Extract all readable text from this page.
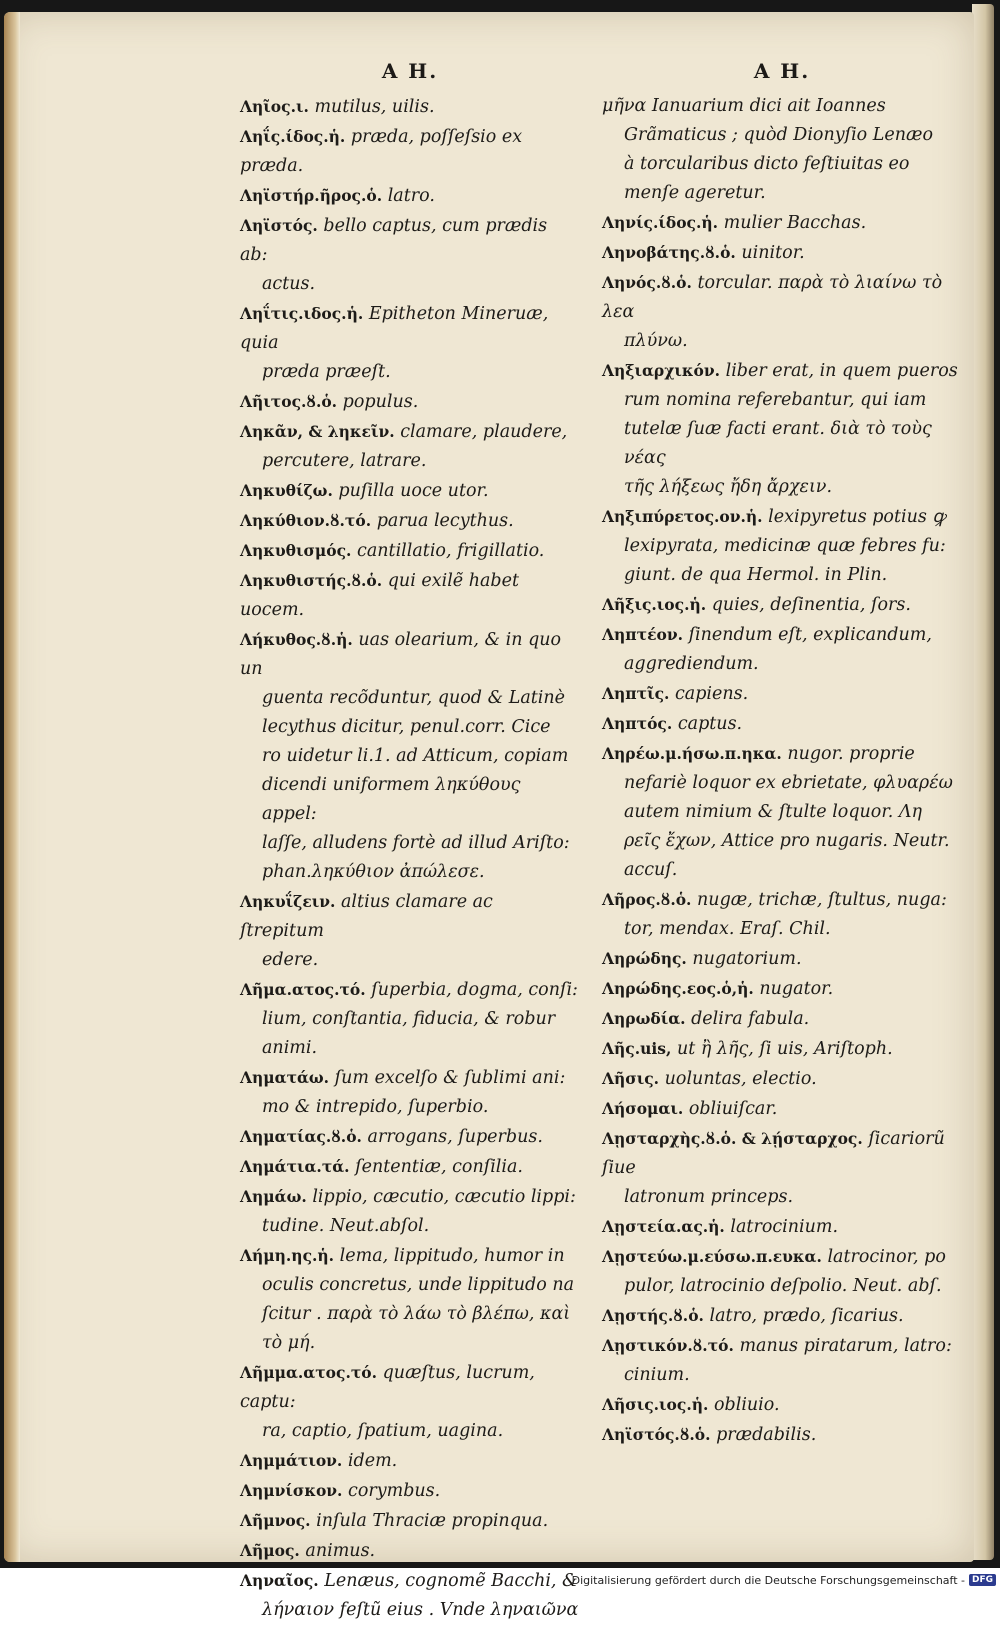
A H.
Ληῖος.ι. mutilus, uilis.
Ληΐς.ίδος.ἡ. præda, poſſeſsio ex præda.
Ληϊστήρ.ῆρος.ὁ. latro.
Ληϊστός. bello captus, cum prædis ab:
actus.
Ληΐτις.ιδος.ἡ. Epitheton Mineruæ, quia
præda præeſt.
Λῆιτος.ȣ.ὁ. populus.
Ληκᾶν, & ληκεῖν. clamare, plaudere,
percutere, latrare.
Ληκυθίζω. puſilla uoce utor.
Ληκύθιον.ȣ.τό. parua lecythus.
Ληκυθισμός. cantillatio, frigillatio.
Ληκυθιστής.ȣ.ὁ. qui exilẽ habet uocem.
Λήκυθος.ȣ.ἡ. uas olearium, & in quo un
guenta recõduntur, quod & Latinè
lecythus dicitur, penul.corr. Cice
ro uidetur li.1. ad Atticum, copiam
dicendi uniformem ληκύθους appel:
laſſe, alludens fortè ad illud Ariſto:
phan.ληκύθιον ἀπώλεσε.
Ληκυΐζειν. altius clamare ac ſtrepitum
edere.
Λῆμα.ατος.τό. ſuperbia, dogma, conſi:
lium, conſtantia, fiducia, & robur
animi.
Ληματάω. ſum excelſo & ſublimi ani:
mo & intrepido, ſuperbio.
Ληματίας.ȣ.ὁ. arrogans, ſuperbus.
Λημάτια.τά. ſententiæ, conſilia.
Λημάω. lippio, cæcutio, cæcutio lippi:
tudine. Neut.abſol.
Λήμη.ης.ἡ. lema, lippitudo, humor in
oculis concretus, unde lippitudo na
ſcitur . παρὰ τὸ λάω τὸ βλέπω, καὶ τὸ μή.
Λῆμμα.ατος.τό. quæſtus, lucrum, captu:
ra, captio, ſpatium, uagina.
Λημμάτιον. idem.
Λημνίσκον. corymbus.
Λῆμνος. inſula Thraciæ propinqua.
Λῆμος. animus.
Ληναῖος. Lenæus, cognomẽ Bacchi, &
λήναιον feſtũ eius . Vnde ληναιῶνα
A H.
μῆνα Ianuarium dici ait Ioannes
Grãmaticus ; quòd Dionyſio Lenæo
à torcularibus dicto feſtiuitas eo
menſe ageretur.
Ληνίς.ίδος.ἡ. mulier Bacchas.
Ληνοβάτης.ȣ.ὁ. uinitor.
Ληνός.ȣ.ὁ. torcular. παρὰ τὸ λιαίνω τὸ λεα
πλύνω.
Ληξιαρχικόν. liber erat, in quem pueros
rum nomina referebantur, qui iam
tutelæ ſuæ facti erant. διὰ τὸ τοὺς νέας
τῆς λήξεως ἤδη ἄρχειν.
Ληξιπύρετος.ον.ἡ. lexipyretus potius ꝙ
lexipyrata, medicinæ quæ febres fu:
giunt. de qua Hermol. in Plin.
Λῆξις.ιος.ἡ. quies, deſinentia, ſors.
Ληπτέον. ſinendum eſt, explicandum,
aggrediendum.
Ληπτῖς. capiens.
Ληπτός. captus.
Ληρέω.μ.ήσω.π.ηκα. nugor. proprie
nefariè loquor ex ebrietate, φλυαρέω
autem nimium & ſtulte loquor. Λη
ρεῖς ἔχων, Attice pro nugaris. Neutr.
accuſ.
Λῆρος.ȣ.ὁ. nugæ, trichæ, ſtultus, nuga:
tor, mendax. Eraſ. Chil.
Ληρώδης. nugatorium.
Ληρώδης.εος.ὁ,ἡ. nugator.
Ληρωδία. delira fabula.
Λῆς.uis, ut ἢ λῆς, ſi uis, Ariſtoph.
Λῆσις. uoluntas, electio.
Λήσομαι. obliuiſcar.
Λῃσταρχὴς.ȣ.ὁ. & λῄσταρχος. ſicariorũ ſiue
latronum princeps.
Λῃστεία.ας.ἡ. latrocinium.
Λῃστεύω.μ.εύσω.π.ευκα. latrocinor, po
pulor, latrocinio deſpolio. Neut. abſ.
Λῃστής.ȣ.ὁ. latro, prædo, ſicarius.
Λῃστικόν.ȣ.τό. manus piratarum, latro:
cinium.
Λῆσις.ιος.ἡ. obliuio.
Ληϊστός.ȣ.ὁ. prædabilis.
Digitalisierung gefördert durch die Deutsche Forschungsgemeinschaft - DFG
